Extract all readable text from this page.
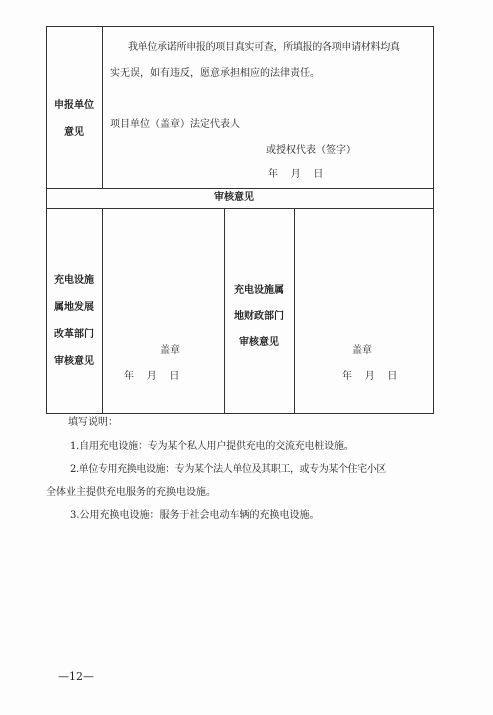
申报单位
意见
我单位承诺所申报的项目真实可查，所填报的各项申请材料均真
实无误，如有违反，愿意承担相应的法律责任。
项目单位（盖章）法定代表人
或授权代表（签字）
年    月    日
审核意见
充电设施
属地发展
改革部门
审核意见
盖章
年    月    日
充电设施属
地财政部门
审核意见
盖章
年    月    日
填写说明：
1.自用充电设施：专为某个私人用户提供充电的交流充电桩设施。
2.单位专用充换电设施：专为某个法人单位及其职工，或专为某个住宅小区
全体业主提供充电服务的充换电设施。
3.公用充换电设施：服务于社会电动车辆的充换电设施。
—12—
